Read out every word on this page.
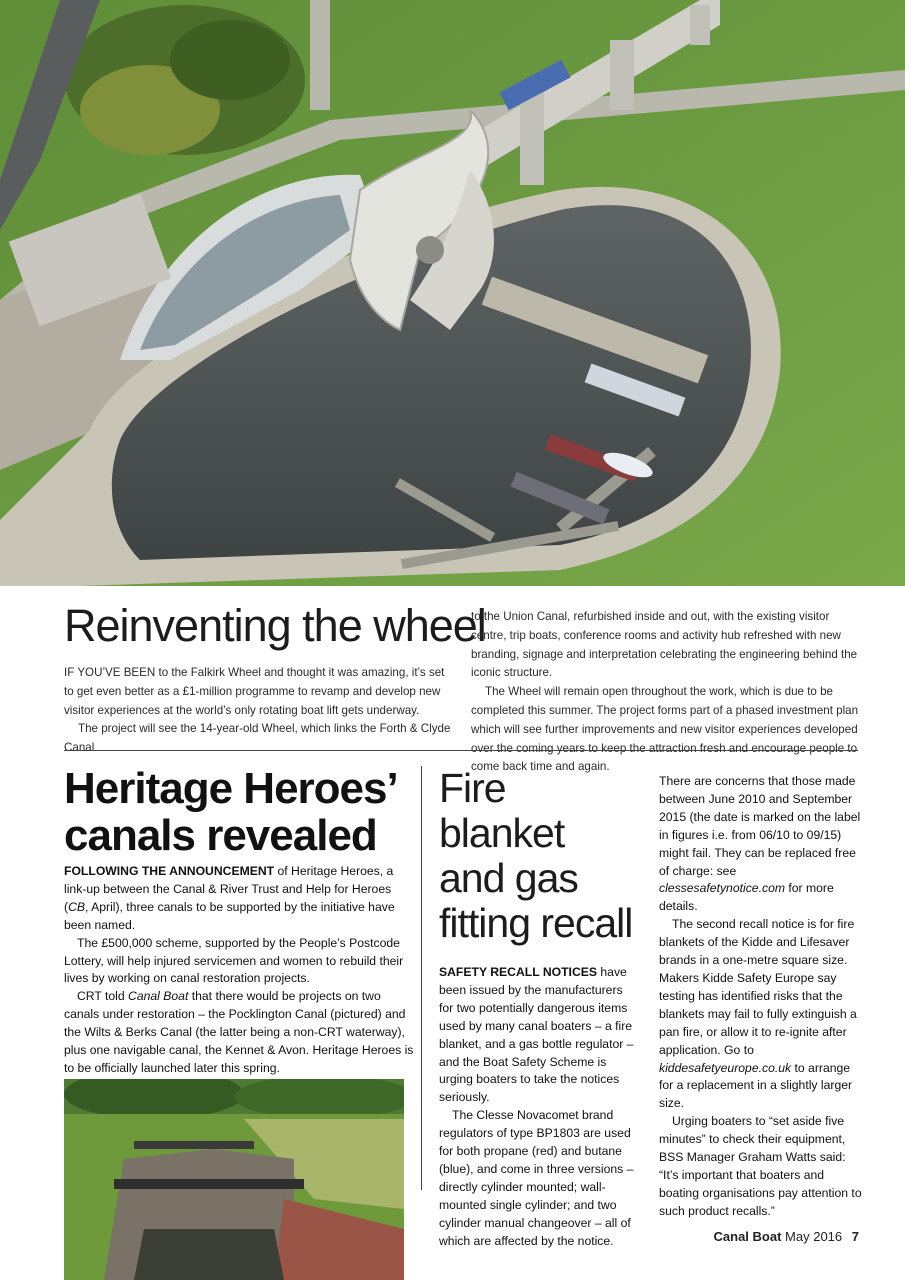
Reinventing the wheel

IF YOU’VE BEEN to the Falkirk Wheel and thought it was amazing, it’s set to get even better as a £1-million programme to revamp and develop new visitor experiences at the world’s only rotating boat lift gets underway.

The project will see the 14-year-old Wheel, which links the Forth & Clyde Canal

to the Union Canal, refurbished inside and out, with the existing visitor centre, trip boats, conference rooms and activity hub refreshed with new branding, signage and interpretation celebrating the engineering behind the iconic structure.

The Wheel will remain open throughout the work, which is due to be completed this summer. The project forms part of a phased investment plan which will see further improvements and new visitor experiences developed over the coming years to keep the attraction fresh and encourage people to come back time and again.

Heritage Heroes’
canals revealed

FOLLOWING THE ANNOUNCEMENT of Heritage Heroes, a link-up between the Canal & River Trust and Help for Heroes (CB, April), three canals to be supported by the initiative have been named.

The £500,000 scheme, supported by the People’s Postcode Lottery, will help injured servicemen and women to rebuild their lives by working on canal restoration projects.

CRT told Canal Boat that there would be projects on two canals under restoration – the Pocklington Canal (pictured) and the Wilts & Berks Canal (the latter being a non-CRT waterway), plus one navigable canal, the Kennet & Avon. Heritage Heroes is to be officially launched later this spring.

Fire blanket
and gas
fitting recall

SAFETY RECALL NOTICES have been issued by the manufacturers for two potentially dangerous items used by many canal boaters – a fire blanket, and a gas bottle regulator – and the Boat Safety Scheme is urging boaters to take the notices seriously.

The Clesse Novacomet brand regulators of type BP1803 are used for both propane (red) and butane (blue), and come in three versions – directly cylinder mounted; wall-mounted single cylinder; and two cylinder manual changeover – all of which are affected by the notice.

There are concerns that those made between June 2010 and September 2015 (the date is marked on the label in figures i.e. from 06/10 to 09/15) might fail. They can be replaced free of charge: see clessesafetynotice.com for more details.

The second recall notice is for fire blankets of the Kidde and Lifesaver brands in a one-metre square size. Makers Kidde Safety Europe say testing has identified risks that the blankets may fail to fully extinguish a pan fire, or allow it to re-ignite after application. Go to kiddesafetyeurope.co.uk to arrange for a replacement in a slightly larger size.

Urging boaters to “set aside five minutes” to check their equipment, BSS Manager Graham Watts said: “It’s important that boaters and boating organisations pay attention to such product recalls.”

Canal Boat May 2016 7
